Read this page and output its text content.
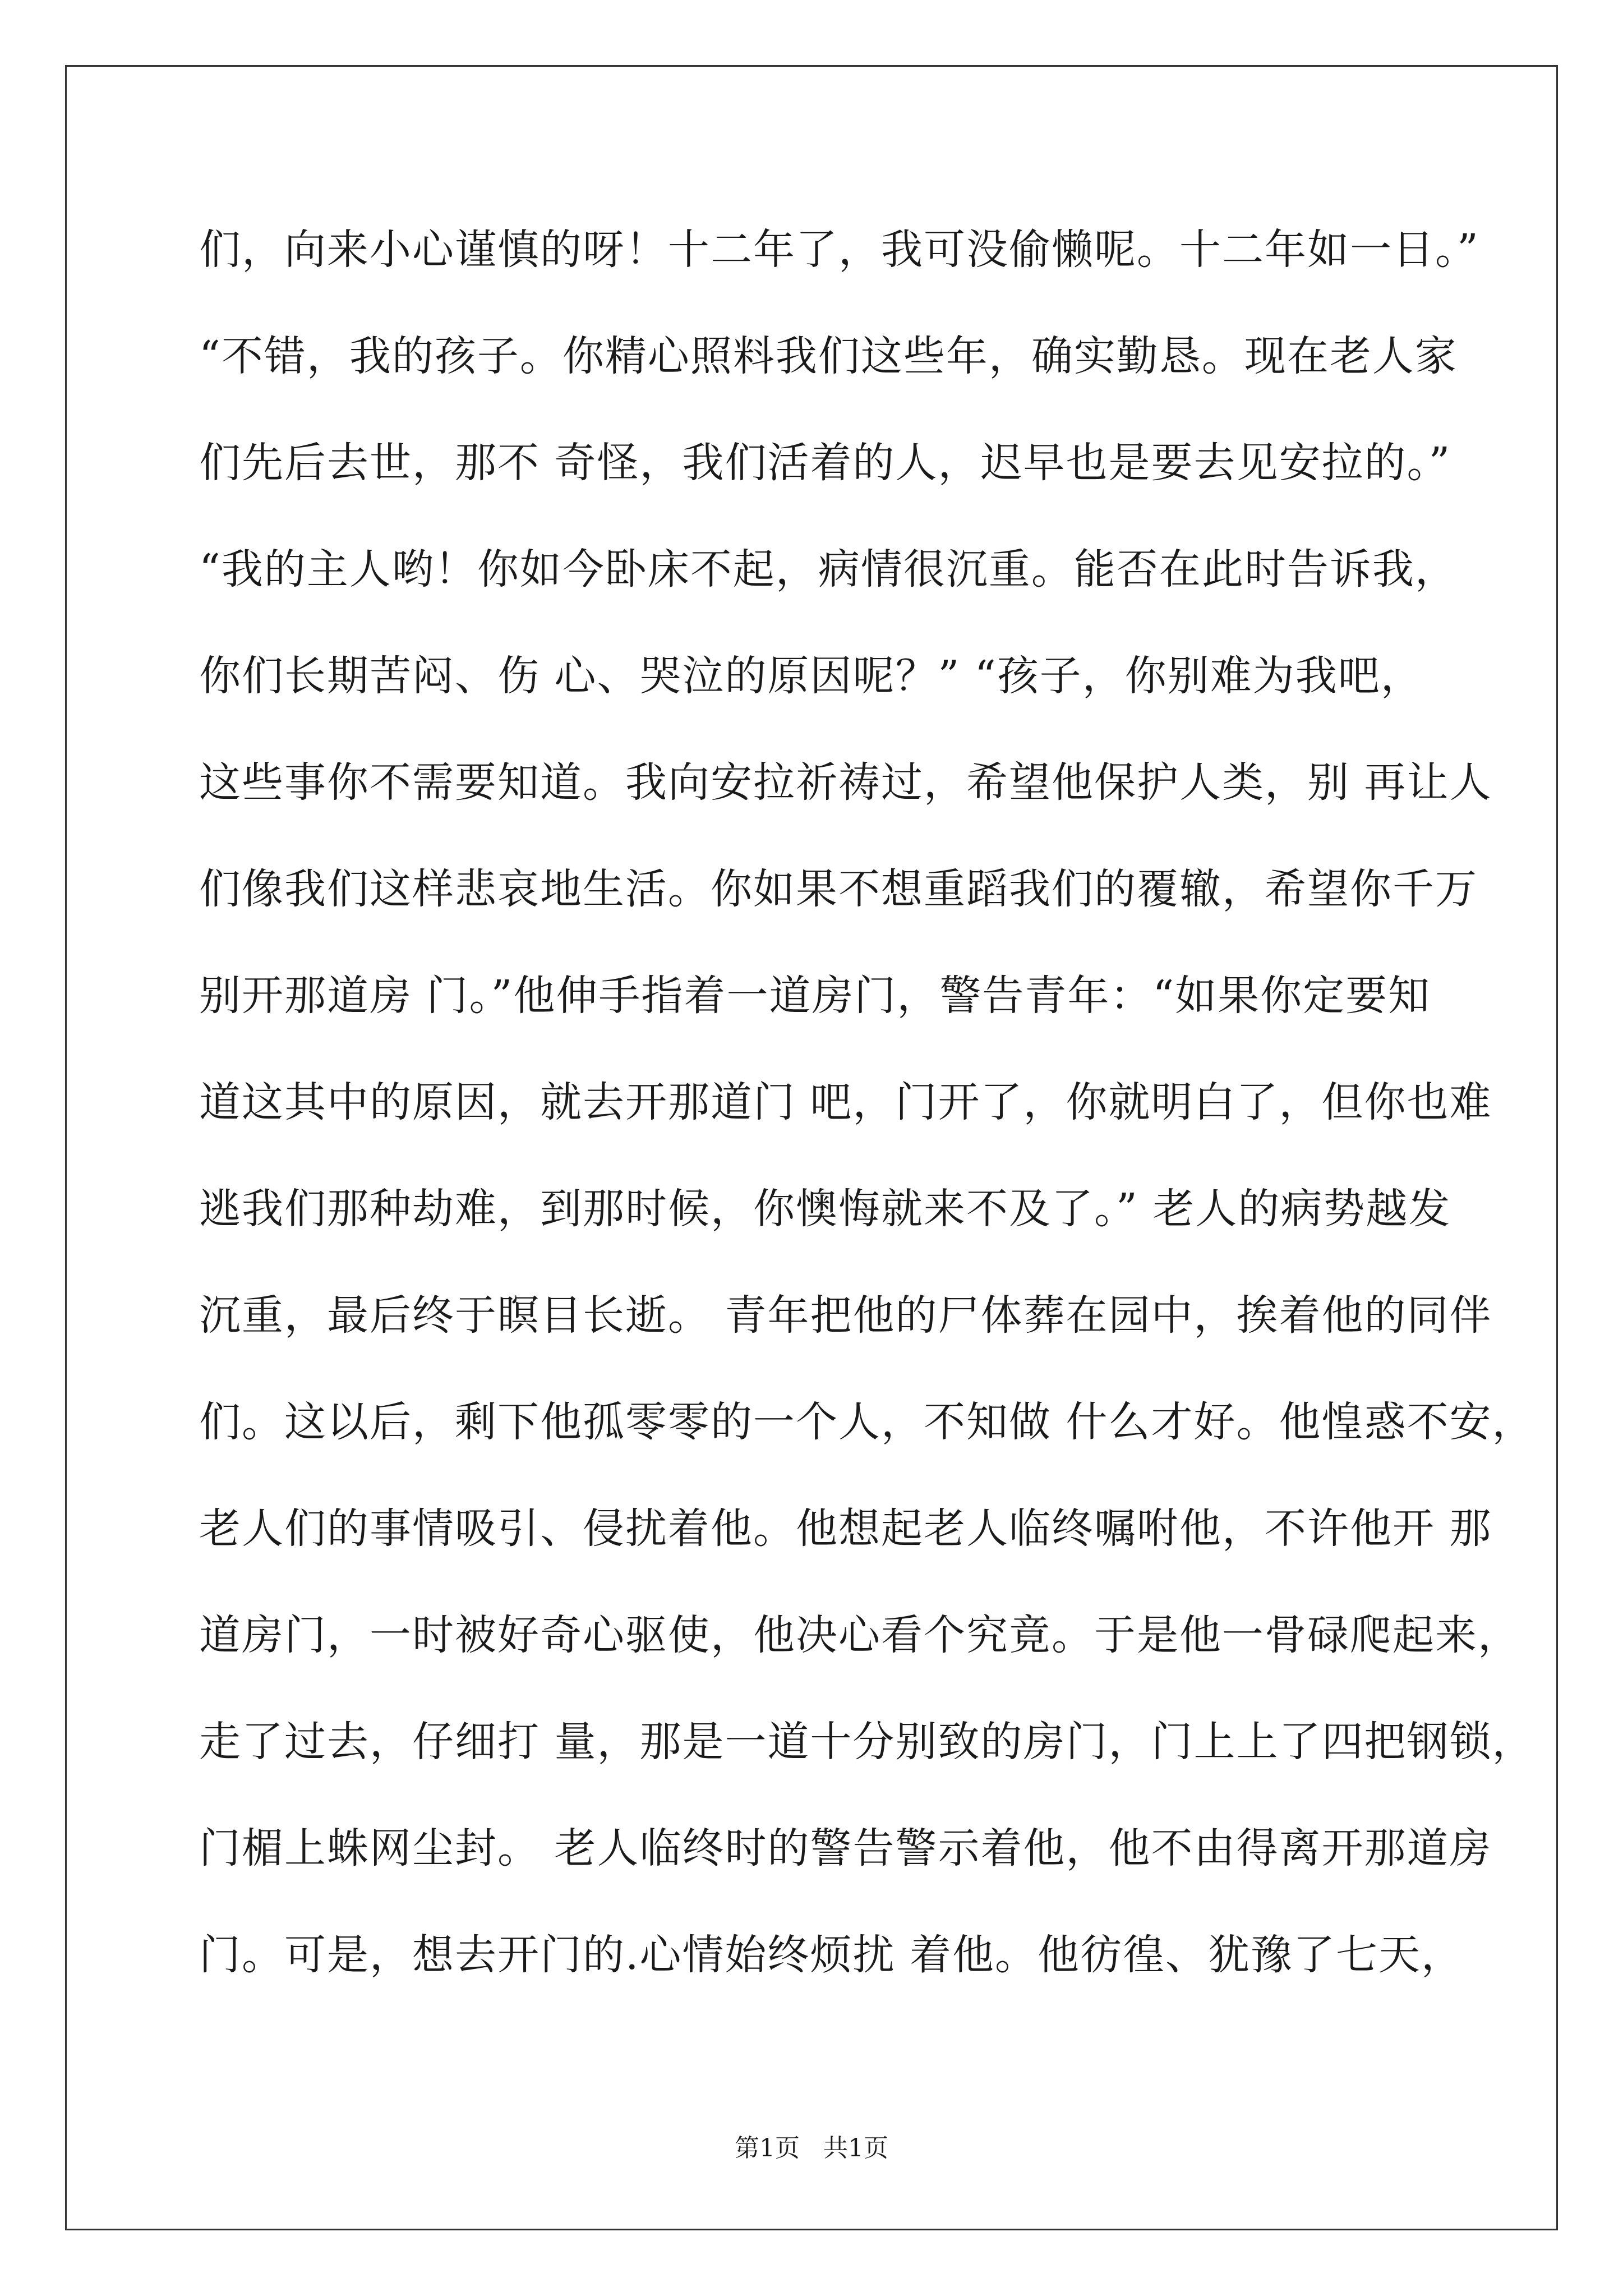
们，向来小心谨慎的呀！十二年了，我可没偷懒呢。十二年如一日。”
“不错，我的孩子。你精心照料我们这些年，确实勤恳。现在老人家
们先后去世，那不 奇怪，我们活着的人，迟早也是要去见安拉的。”
“我的主人哟！你如今卧床不起，病情很沉重。能否在此时告诉我，
你们长期苦闷、伤 心、哭泣的原因呢？” “孩子，你别难为我吧，
这些事你不需要知道。我向安拉祈祷过，希望他保护人类，别 再让人
们像我们这样悲哀地生活。你如果不想重蹈我们的覆辙，希望你千万
别开那道房 门。”他伸手指着一道房门，警告青年：“如果你定要知
道这其中的原因，就去开那道门 吧，门开了，你就明白了，但你也难
逃我们那种劫难，到那时候，你懊悔就来不及了。” 老人的病势越发
沉重，最后终于瞑目长逝。 青年把他的尸体葬在园中，挨着他的同伴
们。这以后，剩下他孤零零的一个人，不知做 什么才好。他惶惑不安，
老人们的事情吸引、侵扰着他。他想起老人临终嘱咐他，不许他开 那
道房门，一时被好奇心驱使，他决心看个究竟。于是他一骨碌爬起来，
走了过去，仔细打 量，那是一道十分别致的房门，门上上了四把钢锁，
门楣上蛛网尘封。 老人临终时的警告警示着他，他不由得离开那道房
门。可是，想去开门的.心情始终烦扰 着他。他彷徨、犹豫了七天，
第1页   共1页
